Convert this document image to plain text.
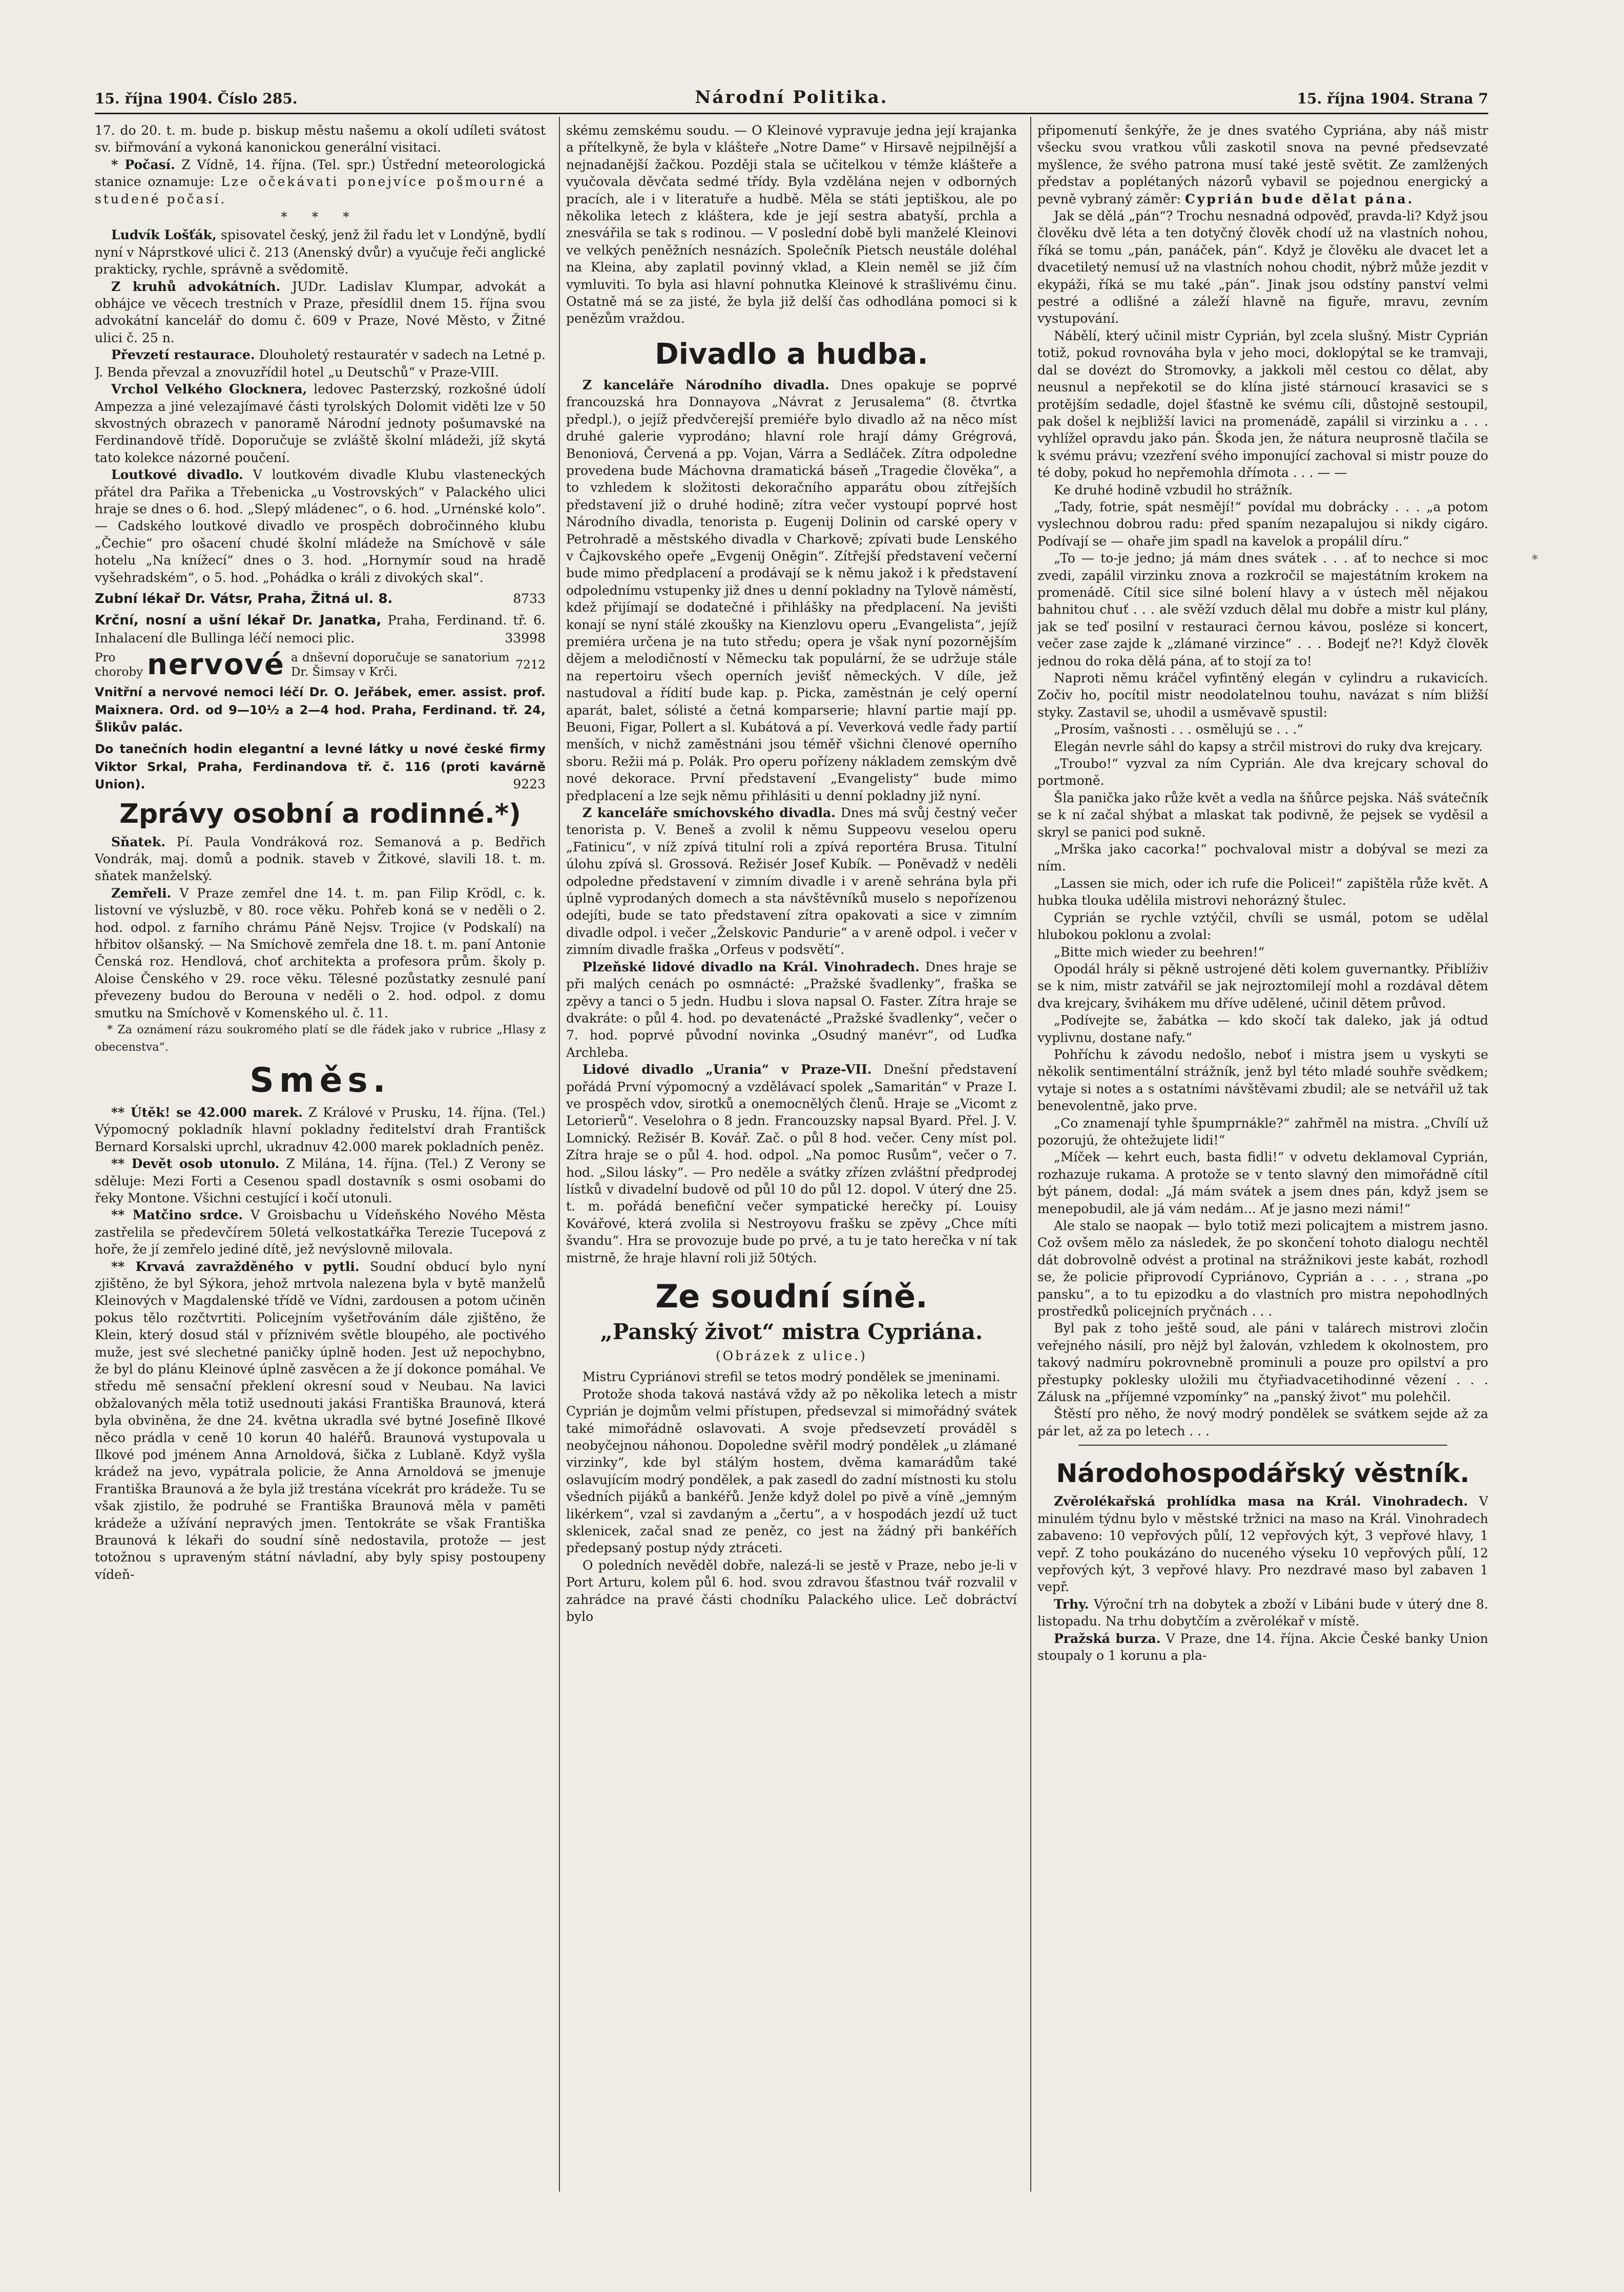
15. října 1904. Číslo 285.	Národní Politika.	15. října 1904. Strana 7

17. do 20. t. m. bude p. biskup městu našemu a okolí udíleti svátost sv. biřmování a vykoná kanonickou generální visitaci.

* Počasí. Z Vídně, 14. října. (Tel. spr.) Ústřední meteorologická stanice oznamuje: Lze očekávati ponejvíce pošmourné a studené počasí.

* * *

Ludvík Lošťák, spisovatel český, jenž žil řadu let v Londýně, bydlí nyní v Náprstkové ulici č. 213 (Anenský dvůr) a vyučuje řeči anglické prakticky, rychle, správně a svědomitě.

Z kruhů advokátních. JUDr. Ladislav Klumpar, advokát a obhájce ve věcech trestních v Praze, přesídlil dnem 15. října svou advokátní kancelář do domu č. 609 v Praze, Nové Město, v Žitné ulici č. 25 n.

Převzetí restaurace. Dlouholetý restauratér v sadech na Letné p. J. Benda převzal a znovuzřídil hotel „u Deutschů“ v Praze-VIII.

Vrchol Velkého Glocknera, ledovec Pasterzský, rozkošné údolí Ampezza a jiné velezajímavé části tyrolských Dolomit viděti lze v 50 skvostných obrazech v panoramě Národní jednoty pošumavské na Ferdinandově třídě. Doporučuje se zvláště školní mládeži, jíž skytá tato kolekce názorné poučení.

Loutkové divadlo. V loutkovém divadle Klubu vlasteneckých přátel dra Pařika a Třebenicka „u Vostrovských“ v Palackého ulici hraje se dnes o 6. hod. „Slepý mládenec“, o 6. hod. „Urnénské kolo“. — Cadského loutkové divadlo ve prospěch dobročinného klubu „Čechie“ pro ošacení chudé školní mládeže na Smíchově v sále hotelu „Na knížecí“ dnes o 3. hod. „Hornymír soud na hradě vyšehradském“, o 5. hod. „Pohádka o králi z divokých skal“.

Zubní lékař Dr. Vátsr, Praha, Žitná ul. 8.	8733

Krční, nosní a ušní lékař Dr. Janatka, Praha, Ferdinand. tř. 6. Inhalacení dle Bullinga léčí nemoci plic.	33998

Pro choroby nervové a dnševní doporučuje se sanatorium Dr. Šimsay v Krči.
7212

Vnitřní a nervové nemoci léčí Dr. O. Jeřábek, emer. assist. prof. Maixnera. Ord. od 9—10½ a 2—4 hod. Praha, Ferdinand. tř. 24, Šlikův palác.

Do tanečních hodin elegantní a levné látky u nové české firmy Viktor Srkal, Praha, Ferdinandova tř. č. 116 (proti kavárně Union).	9223

Zprávy osobní a rodinné.*)

Sňatek. Pí. Paula Vondráková roz. Semanová a p. Bedřich Vondrák, maj. domů a podnik. staveb v Žitkové, slavili 18. t. m. sňatek manželský.

Zemřeli. V Praze zemřel dne 14. t. m. pan Filip Krödl, c. k. listovní ve výsluzbě, v 80. roce věku. Pohřeb koná se v neděli o 2. hod. odpol. z farního chrámu Páně Nejsv. Trojice (v Podskalí) na hřbitov olšanský. — Na Smíchově zemřela dne 18. t. m. paní Antonie Čenská roz. Hendlová, choť architekta a profesora prům. školy p. Aloise Čenského v 29. roce věku. Tělesné pozůstatky zesnulé paní převezeny budou do Berouna v neděli o 2. hod. odpol. z domu smutku na Smíchově v Komenského ul. č. 11.

* Za oznámení rázu soukromého platí se dle řádek jako v rubrice „Hlasy z obecenstva“.

Směs.

** Útěk! se 42.000 marek. Z Králové v Prusku, 14. října. (Tel.) Výpomocný pokladník hlavní pokladny ředitelství drah Františck Bernard Korsalski uprchl, ukradnuv 42.000 marek pokladních peněz.

** Devět osob utonulo. Z Milána, 14. října. (Tel.) Z Verony se sděluje: Mezi Forti a Cesenou spadl dostavník s osmi osobami do řeky Montone. Všichni cestující i kočí utonuli.

** Matčino srdce. V Groisbachu u Vídeňského Nového Města zastřelila se předevčírem 50letá velkostatkářka Terezie Tucepová z hoře, že jí zemřelo jediné dítě, jež nevýslovně milovala.

** Krvavá zavražděného v pytli. Soudní obducí bylo nyní zjištěno, že byl Sýkora, jehož mrtvola nalezena byla v bytě manželů Kleinových v Magdalenské třídě ve Vídni, zardousen a potom učiněn pokus tělo rozčtvrtiti. Policejním vyšetřováním dále zjištěno, že Klein, který dosud stál v příznivém světle bloupého, ale poctivého muže, jest své slechetné paničky úplně hoden. Jest už nepochybno, že byl do plánu Kleinové úplně zasvěcen a že jí dokonce pomáhal. Ve středu mě sensační překlení okresní soud v Neubau. Na lavici obžalovaných měla totiž usednouti jakási Františka Braunová, která byla obviněna, že dne 24. května ukradla své bytné Josefině Ilkové něco prádla v ceně 10 korun 40 haléřů. Braunová vystupovala u Ilkové pod jménem Anna Arnoldová, šička z Lublaně. Když vyšla krádež na jevo, vypátrala policie, že Anna Arnoldová se jmenuje Františka Braunová a že byla již trestána vícekrát pro krádeže. Tu se však zjistilo, že podruhé se Františka Braunová měla v paměti krádeže a užívání nepravých jmen. Tentokráte se však Františka Braunová k lékaři do soudní síně nedostavila, protože — jest totožnou s upraveným státní návladní, aby byly spisy postoupeny vídeň-

skému zemskému soudu. — O Kleinové vypravuje jedna její krajanka a přítelkyně, že byla v klášteře „Notre Dame“ v Hirsavě nejpilnější a nejnadanější žačkou. Později stala se učitelkou v témže klášteře a vyučovala děvčata sedmé třídy. Byla vzdělána nejen v odborných pracích, ale i v literatuře a hudbě. Měla se státi jeptiškou, ale po několika letech z kláštera, kde je její sestra abatyší, prchla a znesvářila se tak s rodinou. — V poslední době byli manželé Kleinovi ve velkých peněžních nesnázích. Společník Pietsch neustále doléhal na Kleina, aby zaplatil povinný vklad, a Klein neměl se již čím vymluviti. To byla asi hlavní pohnutka Kleinové k strašlivému činu. Ostatně má se za jisté, že byla již delší čas odhodlána pomoci si k penězům vraždou.

Divadlo a hudba.

Z kanceláře Národního divadla. Dnes opakuje se poprvé francouzská hra Donnayova „Návrat z Jerusalema“ (8. čtvrtka předpl.), o jejíž předvčerejší premiéře bylo divadlo až na něco míst druhé galerie vyprodáno; hlavní role hrají dámy Grégrová, Benoniová, Červená a pp. Vojan, Várra a Sedláček. Zítra odpoledne provedena bude Máchovna dramatická báseň „Tragedie člověka“, a to vzhledem k složitosti dekoračního apparátu obou zítřejších představení již o druhé hodině; zítra večer vystoupí poprvé host Národního divadla, tenorista p. Eugenij Dolinin od carské opery v Petrohradě a městského divadla v Charkově; zpívati bude Lenského v Čajkovského opeře „Evgenij Oněgin“. Zítřejší představení večerní bude mimo předplacení a prodávají se k němu jakož i k představení odpolednímu vstupenky již dnes u denní pokladny na Tylově náměstí, kdež přijímají se dodatečné i přihlášky na předplacení. Na jevišti konají se nyní stálé zkoušky na Kienzlovu operu „Evangelista“, jejíž premiéra určena je na tuto středu; opera je však nyní pozornějším dějem a melodičností v Německu tak populární, že se udržuje stále na repertoiru všech operních jevišť německých. V díle, jež nastudoval a řídití bude kap. p. Picka, zaměstnán je celý operní aparát, balet, sólisté a četná komparserie; hlavní partie mají pp. Beuoni, Figar, Pollert a sl. Kubátová a pí. Veverková vedle řady partií menších, v nichž zaměstnáni jsou téměř všichni členové operního sboru. Režii má p. Polák. Pro operu pořízeny nákladem zemským dvě nové dekorace. První představení „Evangelisty“ bude mimo předplacení a lze sejk němu přihlásiti u denní pokladny již nyní.

Z kanceláře smíchovského divadla. Dnes má svůj čestný večer tenorista p. V. Beneš a zvolil k němu Suppeovu veselou operu „Fatinicu“, v níž zpívá titulní roli a zpívá reportéra Brusa. Titulní úlohu zpívá sl. Grossová. Režisér Josef Kubík. — Poněvadž v neděli odpoledne představení v zimním divadle i v areně sehrána byla při úplně vyprodaných domech a sta návštěvníků muselo s nepořízenou odejíti, bude se tato představení zítra opakovati a sice v zimním divadle odpol. i večer „Želskovic Pandurie“ a v areně odpol. i večer v zimním divadle fraška „Orfeus v podsvětí“.

Plzeňské lidové divadlo na Král. Vinohradech. Dnes hraje se při malých cenách po osmnácté: „Pražské švadlenky“, fraška se zpěvy a tanci o 5 jedn. Hudbu i slova napsal O. Faster. Zítra hraje se dvakráte: o půl 4. hod. po devatenácté „Pražské švadlenky“, večer o 7. hod. poprvé původní novinka „Osudný manévr“, od Luďka Archleba.

Lidové divadlo „Urania“ v Praze-VII. Dnešní představení pořádá První výpomocný a vzdělávací spolek „Samaritán“ v Praze I. ve prospěch vdov, sirotků a onemocnělých členů. Hraje se „Vicomt z Letorierů“. Veselohra o 8 jedn. Francouzsky napsal Byard. Přel. J. V. Lomnický. Režisér B. Kovář. Zač. o půl 8 hod. večer. Ceny míst pol. Zítra hraje se o půl 4. hod. odpol. „Na pomoc Rusům“, večer o 7. hod. „Silou lásky“. — Pro neděle a svátky zřízen zvláštní předprodej lístků v divadelní budově od půl 10 do půl 12. dopol. V úterý dne 25. t. m. pořádá benefiční večer sympatické herečky pí. Louisy Kovářové, která zvolila si Nestroyovu frašku se zpěvy „Chce míti švandu“. Hra se provozuje bude po prvé, a tu je tato herečka v ní tak mistrně, že hraje hlavní roli již 50tých.

Ze soudní síně.
„Panský život“ mistra Cypriána.
(Obrázek z ulice.)

Mistru Cypriánovi strefil se tetos modrý pondělek se jmeninami.

Protože shoda taková nastává vždy až po několika letech a mistr Cyprián je dojmům velmi přístupen, předsevzal si mimořádný svátek také mimořádně oslavovati. A svoje předsevzetí prováděl s neobyčejnou náhonou. Dopoledne svěřil modrý pondělek „u zlámané virzinky“, kde byl stálým hostem, dvěma kamarádům také oslavujícím modrý pondělek, a pak zasedl do zadní místnosti ku stolu všedních pijáků a bankéřů. Jenže když dolel po pivě a víně „jemným likérkem“, vzal si zavdaným a „čertu“, a v hospodách jezdí už tuct sklenicek, začal snad ze peněz, co jest na žádný při bankéřích předepsaný postup nýdy ztráceti.

O poledních nevěděl dobře, nalezá-li se jestě v Praze, nebo je-li v Port Arturu, kolem půl 6. hod. svou zdravou šťastnou tvář rozvalil v zahrádce na pravé části chodníku Palackého ulice. Leč dobráctví bylo

připomenutí šenkýře, že je dnes svatého Cypriána, aby náš mistr všecku svou vratkou vůli zaskotil snova na pevné předsevzaté myšlence, že svého patrona musí také jestě světit. Ze zamlžených představ a poplétaných názorů vybavil se pojednou energický a pevně vybraný záměr: Cyprián bude dělat pána.

Jak se dělá „pán“? Trochu nesnadná odpověď, pravda-li? Když jsou člověku dvě léta a ten dotyčný člověk chodí už na vlastních nohou, říká se tomu „pán, panáček, pán“. Když je člověku ale dvacet let a dvacetiletý nemusí už na vlastních nohou chodit, nýbrž může jezdit v ekypáži, říká se mu také „pán“. Jinak jsou odstíny panství velmi pestré a odlišné a záleží hlavně na figuře, mravu, zevním vystupování.

Nábělí, který učinil mistr Cyprián, byl zcela slušný. Mistr Cyprián totiž, pokud rovnováha byla v jeho moci, doklopýtal se ke tramvaji, dal se dovézt do Stromovky, a jakkoli měl cestou co dělat, aby neusnul a nepřekotil se do klína jisté stárnoucí krasavici se s protějším sedadle, dojel šťastně ke svému cíli, důstojně sestoupil, pak došel k nejbližší lavici na promenádě, zapálil si virzinku a . . . vyhlížel opravdu jako pán. Škoda jen, že nátura neuprosně tlačila se k svému právu; vzezření svého imponující zachoval si mistr pouze do té doby, pokud ho nepřemohla dřímota . . . — —

Ke druhé hodině vzbudil ho strážník.

„Tady, fotrie, spát nesmějí!“ povídal mu dobrácky . . . „a potom vyslechnou dobrou radu: před spaním nezapalujou si nikdy cigáro. Podívají se — ohaře jim spadl na kavelok a propálil díru.“

„To — to-je jedno; já mám dnes svátek . . . ať to nechce si moc zvedi, zapálil virzinku znova a rozkročil se majestátním krokem na promenádě. Cítil sice silné bolení hlavy a v ústech měl nějakou bahnitou chuť . . . ale svěží vzduch dělal mu dobře a mistr kul plány, jak se teď posilní v restauraci černou kávou, posléze si koncert, večer zase zajde k „zlámané virzince“ . . . Bodejť ne?! Když člověk jednou do roka dělá pána, ať to stojí za to!

Naproti němu kráčel vyfintěný elegán v cylindru a rukavicích. Zočiv ho, pocítil mistr neodolatelnou touhu, navázat s ním bližší styky. Zastavil se, uhodil a usměvavě spustil:

„Prosím, vašnosti . . . osmělujú se . . .“

Elegán nevrle sáhl do kapsy a strčil mistrovi do ruky dva krejcary.

„Troubo!“ vyzval za ním Cyprián. Ale dva krejcary schoval do portmoně.

Šla panička jako růže květ a vedla na šňůrce pejska. Náš svátečník se k ní začal shýbat a mlaskat tak podivně, že pejsek se vyděsil a skryl se panici pod sukně.

„Mrška jako cacorka!“ pochvaloval mistr a dobýval se mezi za ním.

„Lassen sie mich, oder ich rufe die Policei!“ zapištěla růže květ. A hubka tlouka udělila mistrovi nehorázný štulec.

Cyprián se rychle vztýčil, chvíli se usmál, potom se udělal hlubokou poklonu a zvolal:

„Bitte mich wieder zu beehren!“

Opodál hrály si pěkně ustrojené děti kolem guvernantky. Přiblíživ se k nim, mistr zatvářil se jak nejroztomilejí mohl a rozdával dětem dva krejcary, švihákem mu dříve udělené, učinil dětem průvod.

„Podívejte se, žabátka — kdo skočí tak daleko, jak já odtud vyplivnu, dostane nafy.“

Pohříchu k závodu nedošlo, neboť i mistra jsem u vyskyti se několik sentimentální strážník, jenž byl této mladé souhře svědkem; vytaje si notes a s ostatními návštěvami zbudil; ale se netvářil už tak benevolentně, jako prve.

„Co znamenají tyhle špumprnákle?“ zahřměl na mistra. „Chvílí už pozorujú, že ohtežujete lidi!“

„Míček — kehrt euch, basta fidli!“ v odvetu deklamoval Cyprián, rozhazuje rukama. A protože se v tento slavný den mimořádně cítil být pánem, dodal: „Já mám svátek a jsem dnes pán, když jsem se menepobudil, ale já vám nedám... Ať je jasno mezi námi!“

Ale stalo se naopak — bylo totiž mezi policajtem a mistrem jasno. Což ovšem mělo za následek, že po skončení tohoto dialogu nechtěl dát dobrovolně odvést a protinal na strážnikovi jeste kabát, rozhodl se, že policie připrovodí Cypriánovo, Cyprián a . . . , strana „po pansku“, a to tu epizodku a do vlastních pro mistra nepohodlných prostředků policejních pryčnách . . .

Byl pak z toho ještě soud, ale páni v talárech mistrovi zločin veřejného násilí, pro nějž byl žalován, vzhledem k okolnostem, pro takový nadmíru pokrovnebně prominuli a pouze pro opilství a pro přestupky poklesky uložili mu čtyřiadvacetihodinné vězení . . . Zálusk na „příjemné vzpomínky“ na „panský život“ mu polehčil.

Štěstí pro něho, že nový modrý pondělek se svátkem sejde až za pár let, až za po letech . . .

Národohospodářský věstník.

Zvěrolékařská prohlídka masa na Král. Vinohradech. V minulém týdnu bylo v městské tržnici na maso na Král. Vinohradech zabaveno: 10 vepřových půlí, 12 vepřových kýt, 3 vepřové hlavy, 1 vepř. Z toho poukázáno do nuceného výseku 10 vepřových půlí, 12 vepřových kýt, 3 vepřové hlavy. Pro nezdravé maso byl zabaven 1 vepř.

Trhy. Výroční trh na dobytek a zboží v Libáni bude v úterý dne 8. listopadu. Na trhu dobytčím a zvěrolékař v místě.

Pražská burza. V Praze, dne 14. října. Akcie České banky Union stoupaly o 1 korunu a pla-

*
